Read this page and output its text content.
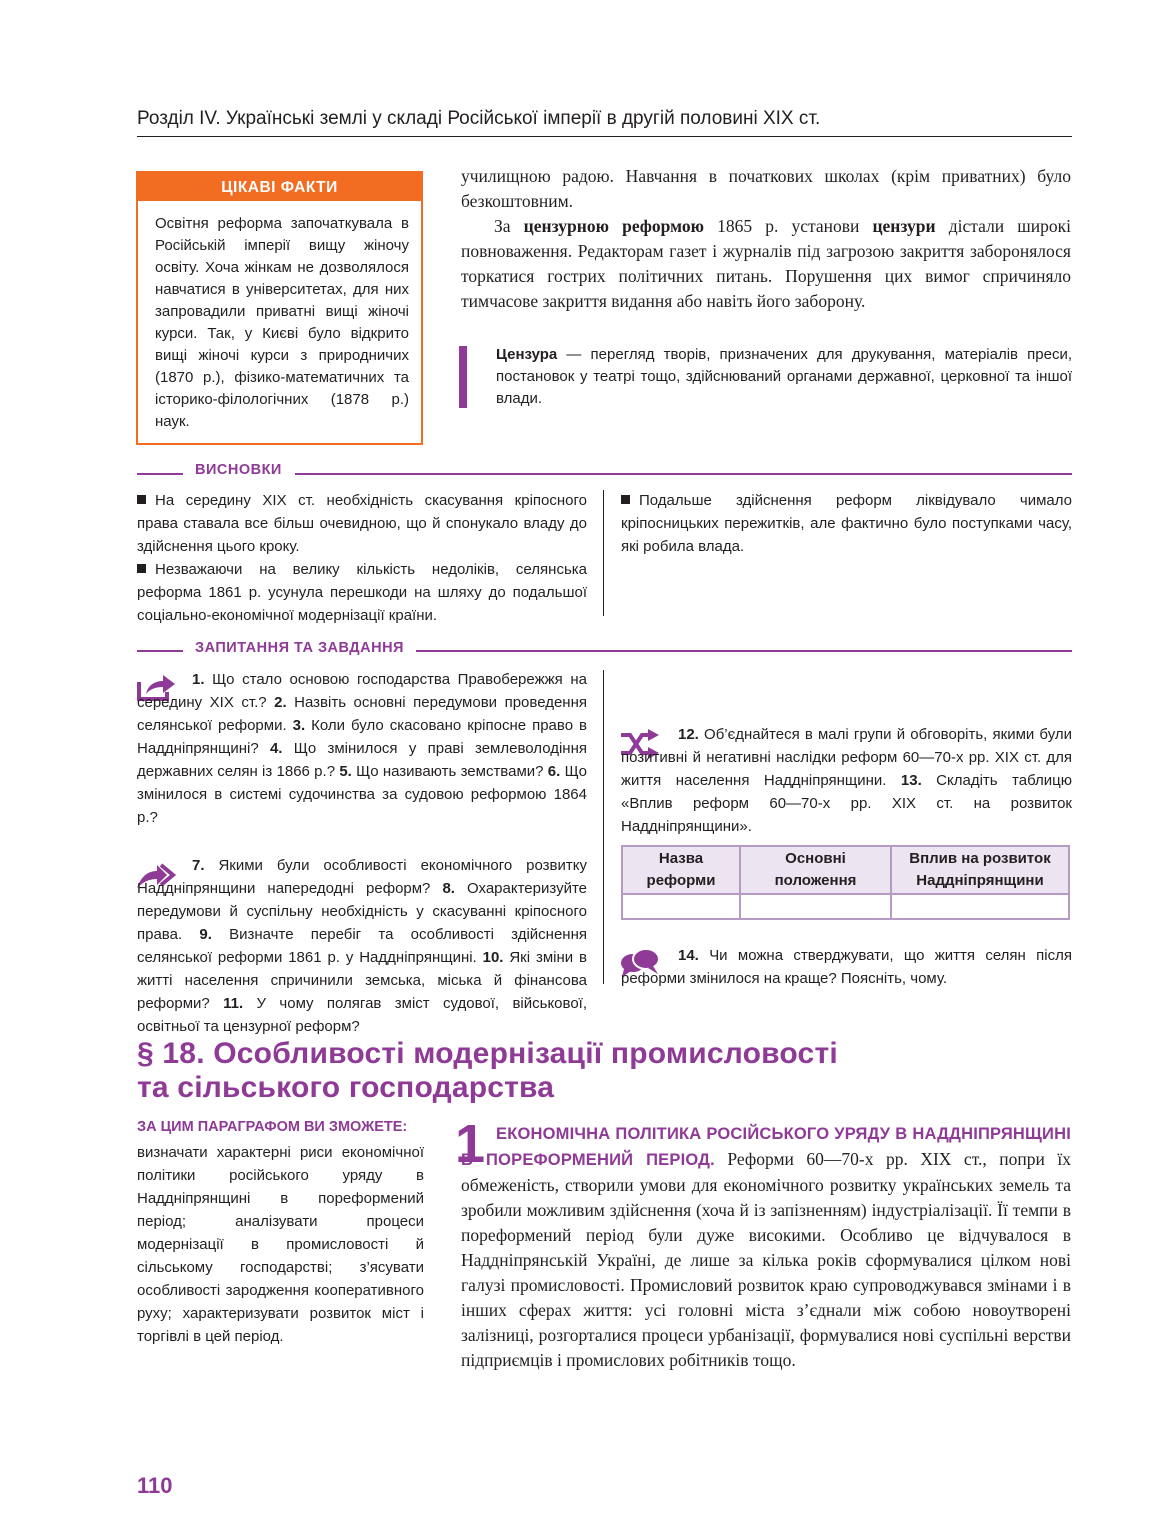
Розділ IV. Українські землі у складі Російської імперії в другій половині XIX ст.
ЦІКАВІ ФАКТИ
Освітня реформа започаткувала в Російській імперії вищу жіночу освіту. Хоча жінкам не дозволялося навчатися в університетах, для них запровадили приватні вищі жіночі курси. Так, у Києві було відкрито вищі жіночі курси з природничих (1870 р.), фізико-математичних та історико-філологічних (1878 р.) наук.

училищною радою. Навчання в початкових школах (крім приватних) було безкоштовним.

За цензурною реформою 1865 р. установи цензури дістали широкі повноваження. Редакторам газет і журналів під загрозою закриття заборонялося торкатися гострих політичних питань. Порушення цих вимог спричиняло тимчасове закриття видання або навіть його заборону.

Цензура — перегляд творів, призначених для друкування, матеріалів преси, постановок у театрі тощо, здійснюваний органами державної, церковної та іншої влади.
ВИСНОВКИ

На середину XIX ст. необхідність скасування кріпосного права ставала все більш очевидною, що й спонукало владу до здійснення цього кроку.

Незважаючи на велику кількість недоліків, селянська реформа 1861 р. усунула перешкоди на шляху до подальшої соціально-економічної модернізації країни.

Подальше здійснення реформ ліквідувало чимало кріпосницьких пережитків, але фактично було поступками часу, які робила влада.

ЗАПИТАННЯ ТА ЗАВДАННЯ
1. Що стало основою господарства Правобережжя на середину XIX ст.? 2. Назвіть основні передумови проведення селянської реформи. 3. Коли було скасовано кріпосне право в Наддніпрянщині? 4. Що змінилося у праві землеволодіння державних селян із 1866 р.? 5. Що називають земствами? 6. Що змінилося в системі судочинства за судовою реформою 1864 р.?
7. Якими були особливості економічного розвитку Наддніпрянщини напередодні реформ? 8. Охарактеризуйте передумови й суспільну необхідність у скасуванні кріпосного права. 9. Визначте перебіг та особливості здійснення селянської реформи 1861 р. у Наддніпрянщині. 10. Які зміни в житті населення спричинили земська, міська й фінансова реформи? 11. У чому полягав зміст судової, військової, освітньої та цензурної реформ?
12. Об’єднайтеся в малі групи й обговоріть, якими були позитивні й негативні наслідки реформ 60—70-х рр. XIX ст. для життя населення Наддніпрянщини. 13. Складіть таблицю «Вплив реформ 60—70-х рр. XIX ст. на розвиток Наддніпрянщини».
Назва реформи	Основні положення	Вплив на розвиток Наддніпрянщини

14. Чи можна стверджувати, що життя селян після реформи змінилося на краще? Поясніть, чому.
§ 18. Особливості модернізації промисловості
та сільського господарства
ЗА ЦИМ ПАРАГРАФОМ ВИ ЗМОЖЕТЕ:
визначати характерні риси економічної політики російського уряду в Наддніпрянщині в пореформений період; аналізувати процеси модернізації в промисловості й сільському господарстві; з’ясувати особливості зародження кооперативного руху; характеризувати розвиток міст і торгівлі в цей період.
1 ЕКОНОМІЧНА ПОЛІТИКА РОСІЙСЬКОГО УРЯДУ В НАДДНІПРЯНЩИНІ В ПОРЕФОРМЕНИЙ ПЕРІОД. Реформи 60—70-х рр. XIX ст., попри їх обмеженість, створили умови для економічного розвитку українських земель та зробили можливим здійснення (хоча й із запізненням) індустріалізації. Її темпи в пореформений період були дуже високими. Особливо це відчувалося в Наддніпрянській Україні, де лише за кілька років сформувалися цілком нові галузі промисловості. Промисловий розвиток краю супроводжувався змінами і в інших сферах життя: усі головні міста з’єднали між собою новоутворені залізниці, розгорталися процеси урбанізації, формувалися нові суспільні верстви підприємців і промислових робітників тощо.
110
